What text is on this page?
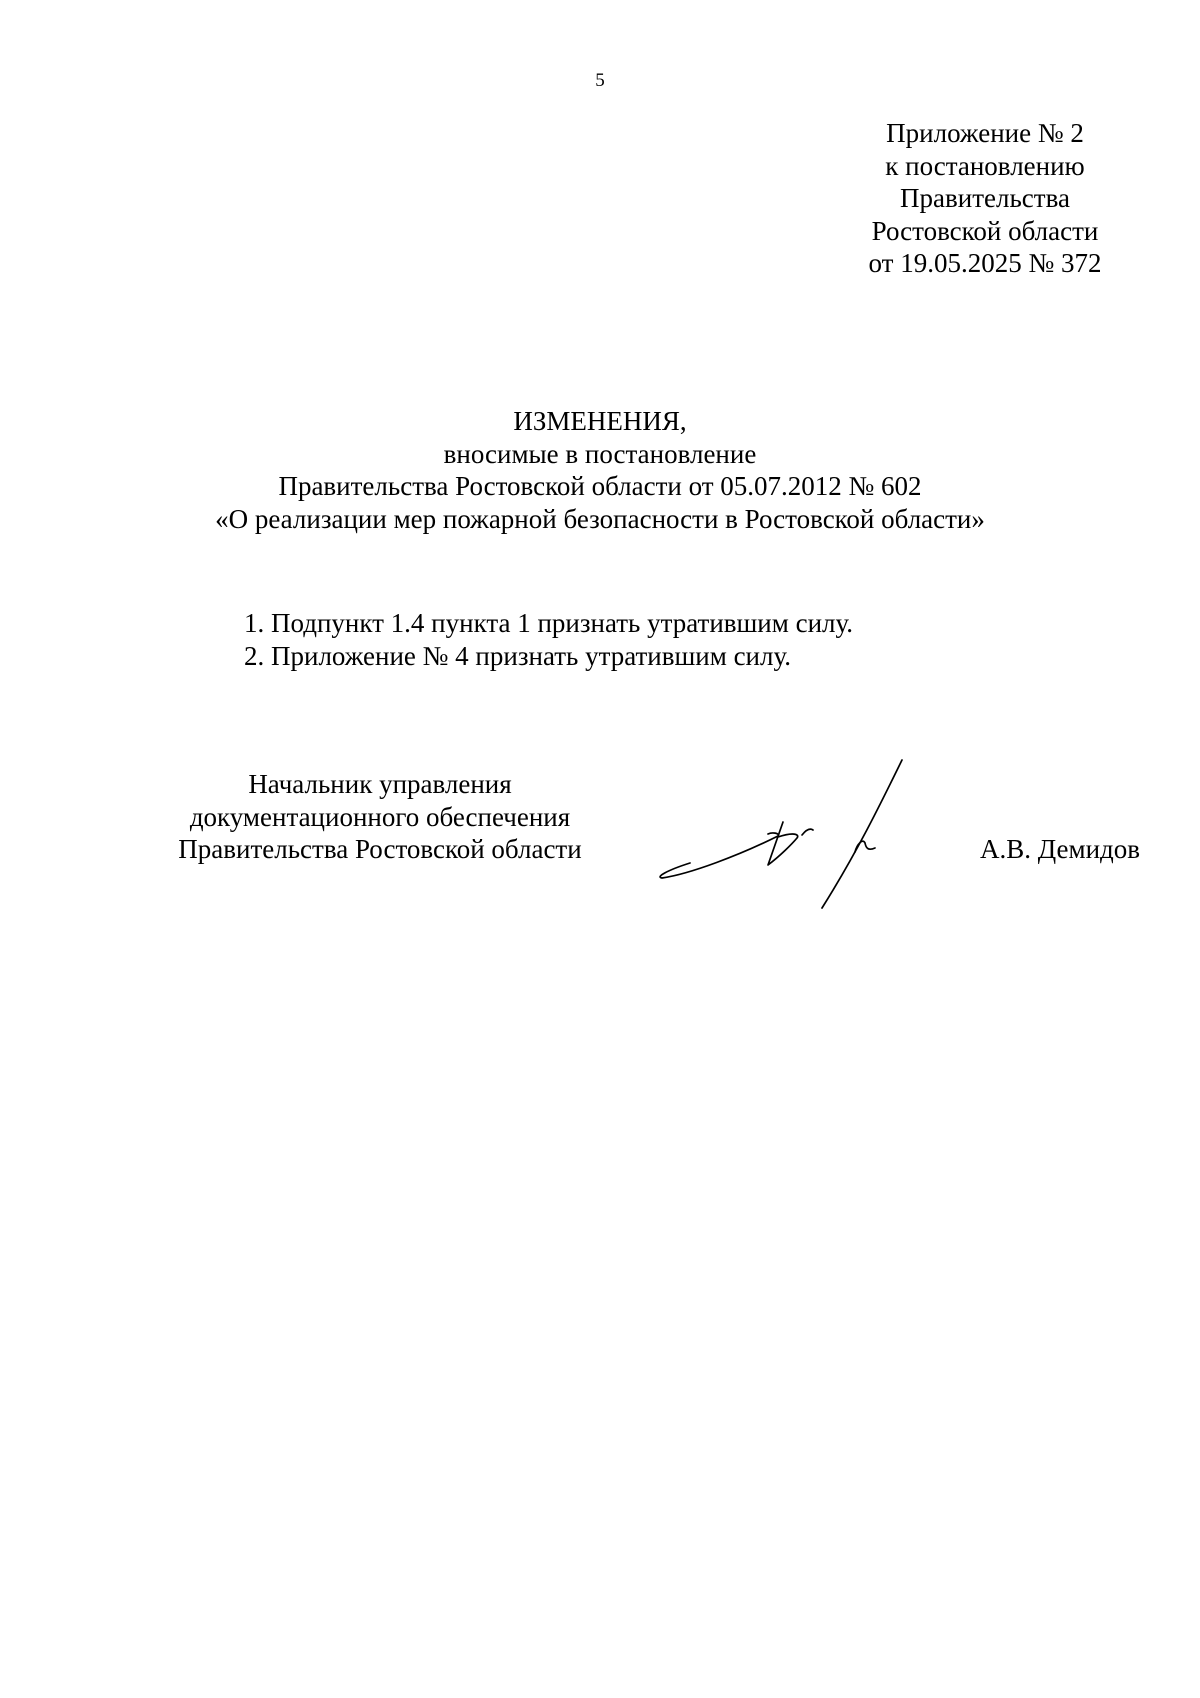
5
Приложение № 2
к постановлению
Правительства
Ростовской области
от 19.05.2025 № 372
ИЗМЕНЕНИЯ,
вносимые в постановление
Правительства Ростовской области от 05.07.2012 № 602
«О реализации мер пожарной безопасности в Ростовской области»
1. Подпункт 1.4 пункта 1 признать утратившим силу.
2. Приложение № 4 признать утратившим силу.
Начальник управления
документационного обеспечения
Правительства Ростовской области	А.В. Демидов
